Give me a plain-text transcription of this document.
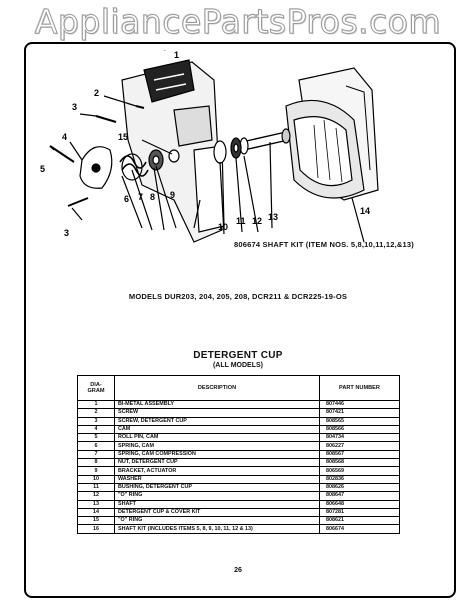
AppliancePartsPros.com
1
2
3
4
5
6 7 8 9
10
11 12 13
14
15
3
806674 SHAFT KIT (ITEM NOS. 5,8,10,11,12,&13)
MODELS DUR203, 204, 205, 208, DCR211 & DCR225-19-OS
DETERGENT CUP
(ALL MODELS)
DIA-
GRAM	DESCRIPTION	PART NUMBER
1	BI-METAL ASSEMBLY	807446
2	SCREW	807421
3	SCREW, DETERGENT CUP	808565
4	CAM	808566
5	ROLL PIN, CAM	804734
6	SPRING, CAM	806227
7	SPRING, CAM COMPRESSION	808567
8	NUT, DETERGENT CUP	808568
9	BRACKET, ACTUATOR	806569
10	WASHER	802836
11	BUSHING, DETERGENT CUP	808626
12	"O" RING	808647
13	SHAFT	806648
14	DETERGENT CUP & COVER KIT	807281
15	"O" RING	808621
16	SHAFT KIT (INCLUDES ITEMS 5, 8, 9, 10, 11, 12 & 13)	806674
26
